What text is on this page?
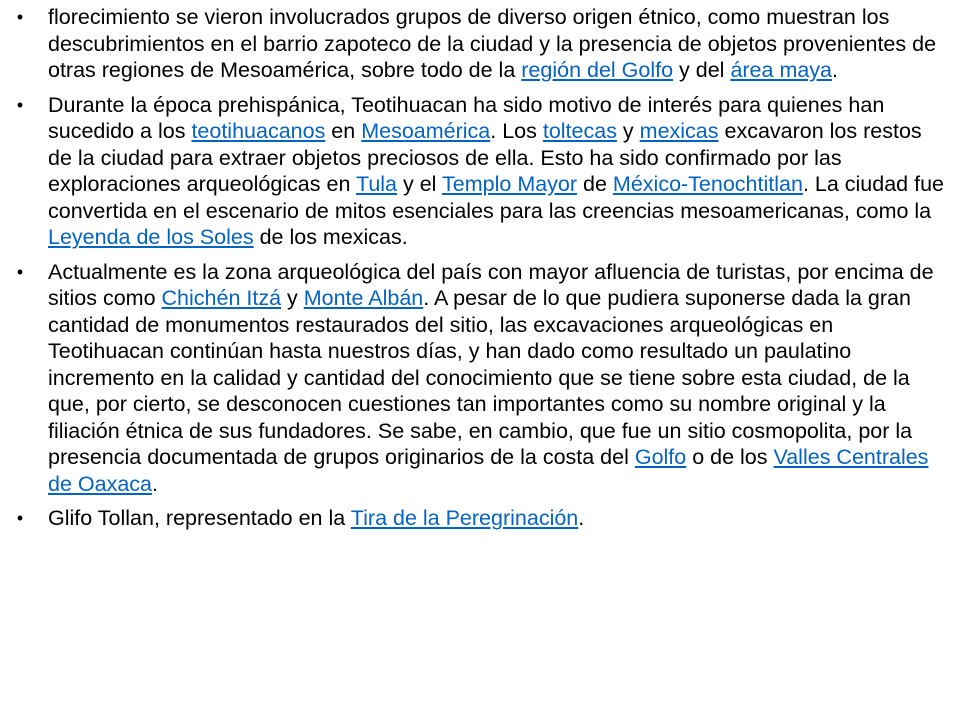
•	florecimiento se vieron involucrados grupos de diverso origen étnico, como muestran los descubrimientos en el barrio zapoteco de la ciudad y la presencia de objetos provenientes de otras regiones de Mesoamérica, sobre todo de la región del Golfo y del área maya.
•	Durante la época prehispánica, Teotihuacan ha sido motivo de interés para quienes han sucedido a los teotihuacanos en Mesoamérica. Los toltecas y mexicas excavaron los restos de la ciudad para extraer objetos preciosos de ella. Esto ha sido confirmado por las exploraciones arqueológicas en Tula y el Templo Mayor de México-Tenochtitlan. La ciudad fue convertida en el escenario de mitos esenciales para las creencias mesoamericanas, como la Leyenda de los Soles de los mexicas.
•	Actualmente es la zona arqueológica del país con mayor afluencia de turistas, por encima de sitios como Chichén Itzá y Monte Albán. A pesar de lo que pudiera suponerse dada la gran cantidad de monumentos restaurados del sitio, las excavaciones arqueológicas en Teotihuacan continúan hasta nuestros días, y han dado como resultado un paulatino incremento en la calidad y cantidad del conocimiento que se tiene sobre esta ciudad, de la que, por cierto, se desconocen cuestiones tan importantes como su nombre original y la filiación étnica de sus fundadores. Se sabe, en cambio, que fue un sitio cosmopolita, por la presencia documentada de grupos originarios de la costa del Golfo o de los Valles Centrales de Oaxaca.
•	Glifo Tollan, representado en la Tira de la Peregrinación.
